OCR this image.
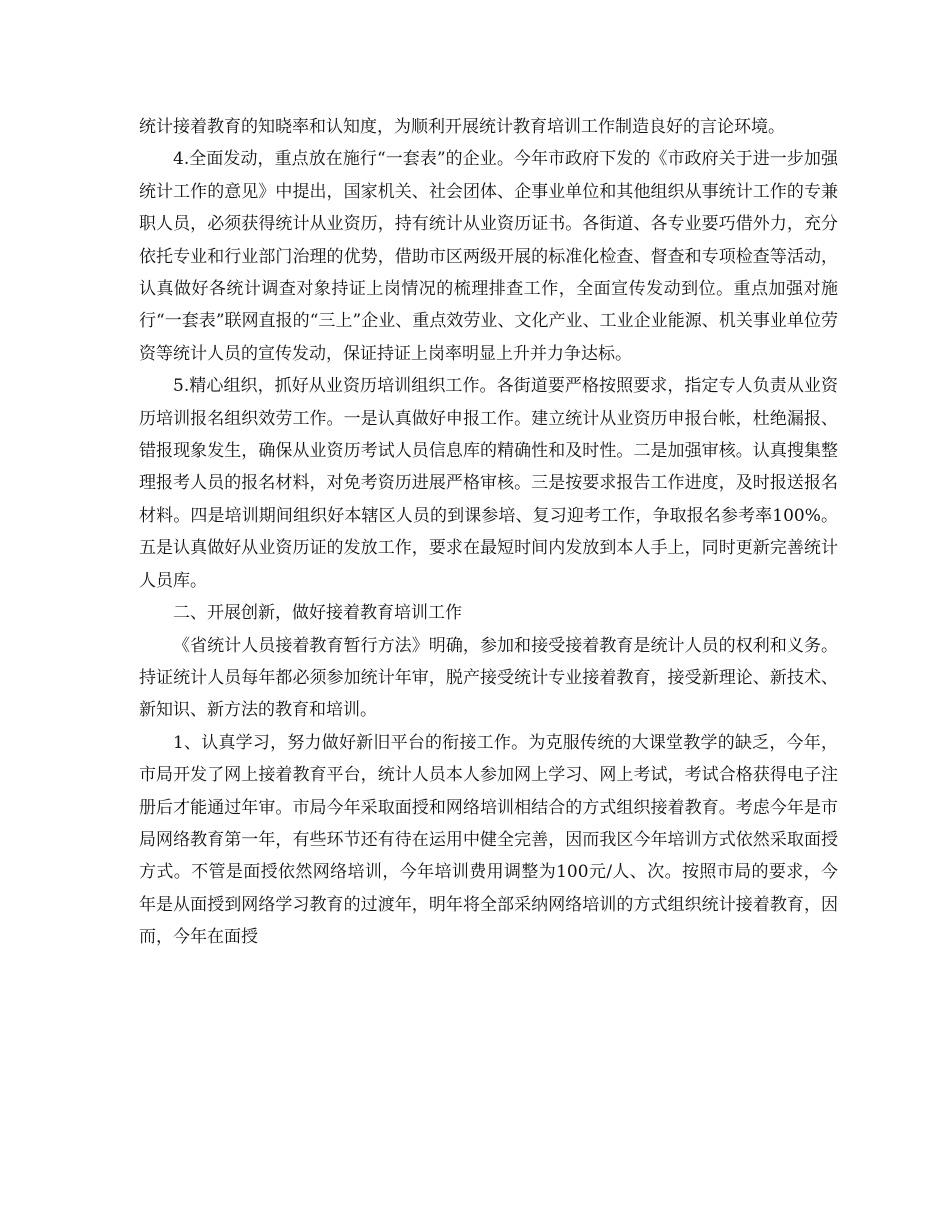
统计接着教育的知晓率和认知度，为顺利开展统计教育培训工作制造良好的言论环境。

4.全面发动，重点放在施行“一套表”的企业。今年市政府下发的《市政府关于进一步加强统计工作的意见》中提出，国家机关、社会团体、企事业单位和其他组织从事统计工作的专兼职人员，必须获得统计从业资历，持有统计从业资历证书。各街道、各专业要巧借外力，充分依托专业和行业部门治理的优势，借助市区两级开展的标准化检查、督查和专项检查等活动，认真做好各统计调查对象持证上岗情况的梳理排查工作，全面宣传发动到位。重点加强对施行“一套表”联网直报的“三上”企业、重点效劳业、文化产业、工业企业能源、机关事业单位劳资等统计人员的宣传发动，保证持证上岗率明显上升并力争达标。

5.精心组织，抓好从业资历培训组织工作。各街道要严格按照要求，指定专人负责从业资历培训报名组织效劳工作。一是认真做好申报工作。建立统计从业资历申报台帐，杜绝漏报、错报现象发生，确保从业资历考试人员信息库的精确性和及时性。二是加强审核。认真搜集整理报考人员的报名材料，对免考资历进展严格审核。三是按要求报告工作进度，及时报送报名材料。四是培训期间组织好本辖区人员的到课参培、复习迎考工作，争取报名参考率100%。五是认真做好从业资历证的发放工作，要求在最短时间内发放到本人手上，同时更新完善统计人员库。

二、开展创新，做好接着教育培训工作

《省统计人员接着教育暂行方法》明确，参加和接受接着教育是统计人员的权利和义务。持证统计人员每年都必须参加统计年审，脱产接受统计专业接着教育，接受新理论、新技术、新知识、新方法的教育和培训。

1、认真学习，努力做好新旧平台的衔接工作。为克服传统的大课堂教学的缺乏，今年，市局开发了网上接着教育平台，统计人员本人参加网上学习、网上考试，考试合格获得电子注册后才能通过年审。市局今年采取面授和网络培训相结合的方式组织接着教育。考虑今年是市局网络教育第一年，有些环节还有待在运用中健全完善，因而我区今年培训方式依然采取面授方式。不管是面授依然网络培训，今年培训费用调整为100元/人、次。按照市局的要求，今年是从面授到网络学习教育的过渡年，明年将全部采纳网络培训的方式组织统计接着教育，因而，今年在面授
